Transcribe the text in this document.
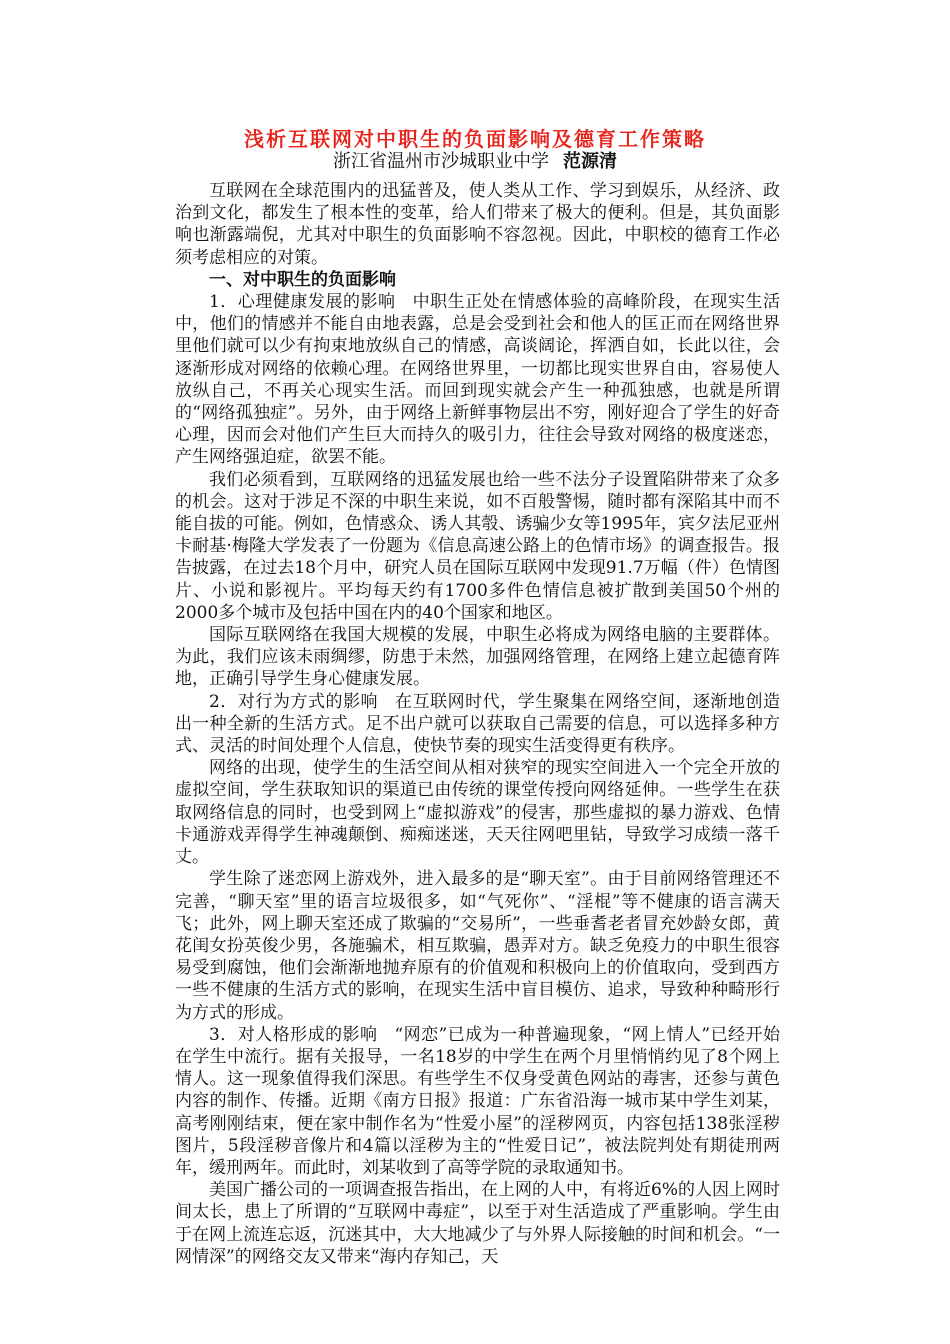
浅析互联网对中职生的负面影响及德育工作策略
浙江省温州市沙城职业中学 范源清

互联网在全球范围内的迅猛普及，使人类从工作、学习到娱乐，从经济、政治到文化，都发生了根本性的变革，给人们带来了极大的便利。但是，其负面影响也渐露端倪，尤其对中职生的负面影响不容忽视。因此，中职校的德育工作必须考虑相应的对策。

一、对中职生的负面影响

1．心理健康发展的影响 中职生正处在情感体验的高峰阶段，在现实生活中，他们的情感并不能自由地表露，总是会受到社会和他人的匡正而在网络世界里他们就可以少有拘束地放纵自己的情感，高谈阔论，挥洒自如，长此以往，会逐渐形成对网络的依赖心理。在网络世界里，一切都比现实世界自由，容易使人放纵自己，不再关心现实生活。而回到现实就会产生一种孤独感，也就是所谓的“网络孤独症”。另外，由于网络上新鲜事物层出不穷，刚好迎合了学生的好奇心理，因而会对他们产生巨大而持久的吸引力，往往会导致对网络的极度迷恋，产生网络强迫症，欲罢不能。

我们必须看到，互联网络的迅猛发展也给一些不法分子设置陷阱带来了众多的机会。这对于涉足不深的中职生来说，如不百般警惕，随时都有深陷其中而不能自拔的可能。例如，色情惑众、诱人其彀、诱骗少女等1995年，宾夕法尼亚州卡耐基·梅隆大学发表了一份题为《信息高速公路上的色情市场》的调查报告。报告披露，在过去18个月中，研究人员在国际互联网中发现91.7万幅（件）色情图片、小说和影视片。平均每天约有1700多件色情信息被扩散到美国50个州的2000多个城市及包括中国在内的40个国家和地区。

国际互联网络在我国大规模的发展，中职生必将成为网络电脑的主要群体。为此，我们应该未雨绸缪，防患于未然，加强网络管理，在网络上建立起德育阵地，正确引导学生身心健康发展。

2．对行为方式的影响 在互联网时代，学生聚集在网络空间，逐渐地创造出一种全新的生活方式。足不出户就可以获取自己需要的信息，可以选择多种方式、灵活的时间处理个人信息，使快节奏的现实生活变得更有秩序。

网络的出现，使学生的生活空间从相对狭窄的现实空间进入一个完全开放的虚拟空间，学生获取知识的渠道已由传统的课堂传授向网络延伸。一些学生在获取网络信息的同时，也受到网上“虚拟游戏”的侵害，那些虚拟的暴力游戏、色情卡通游戏弄得学生神魂颠倒、痴痴迷迷，天天往网吧里钻，导致学习成绩一落千丈。

学生除了迷恋网上游戏外，进入最多的是“聊天室”。由于目前网络管理还不完善，“聊天室”里的语言垃圾很多，如“气死你”、“淫棍”等不健康的语言满天飞；此外，网上聊天室还成了欺骗的“交易所”，一些垂耆老者冒充妙龄女郎，黄花闺女扮英俊少男，各施骗术，相互欺骗，愚弄对方。缺乏免疫力的中职生很容易受到腐蚀，他们会渐渐地抛弃原有的价值观和积极向上的价值取向，受到西方一些不健康的生活方式的影响，在现实生活中盲目模仿、追求，导致种种畸形行为方式的形成。

3．对人格形成的影响 “网恋”已成为一种普遍现象，“网上情人”已经开始在学生中流行。据有关报导，一名18岁的中学生在两个月里悄悄约见了8个网上情人。这一现象值得我们深思。有些学生不仅身受黄色网站的毒害，还参与黄色内容的制作、传播。近期《南方日报》报道：广东省沿海一城市某中学生刘某，高考刚刚结束，便在家中制作名为“性爱小屋”的淫秽网页，内容包括138张淫秽图片，5段淫秽音像片和4篇以淫秽为主的“性爱日记”，被法院判处有期徒刑两年，缓刑两年。而此时，刘某收到了高等学院的录取通知书。

美国广播公司的一项调查报告指出，在上网的人中，有将近6%的人因上网时间太长，患上了所谓的“互联网中毒症”，以至于对生活造成了严重影响。学生由于在网上流连忘返，沉迷其中，大大地减少了与外界人际接触的时间和机会。“一网情深”的网络交友又带来“海内存知己，天
